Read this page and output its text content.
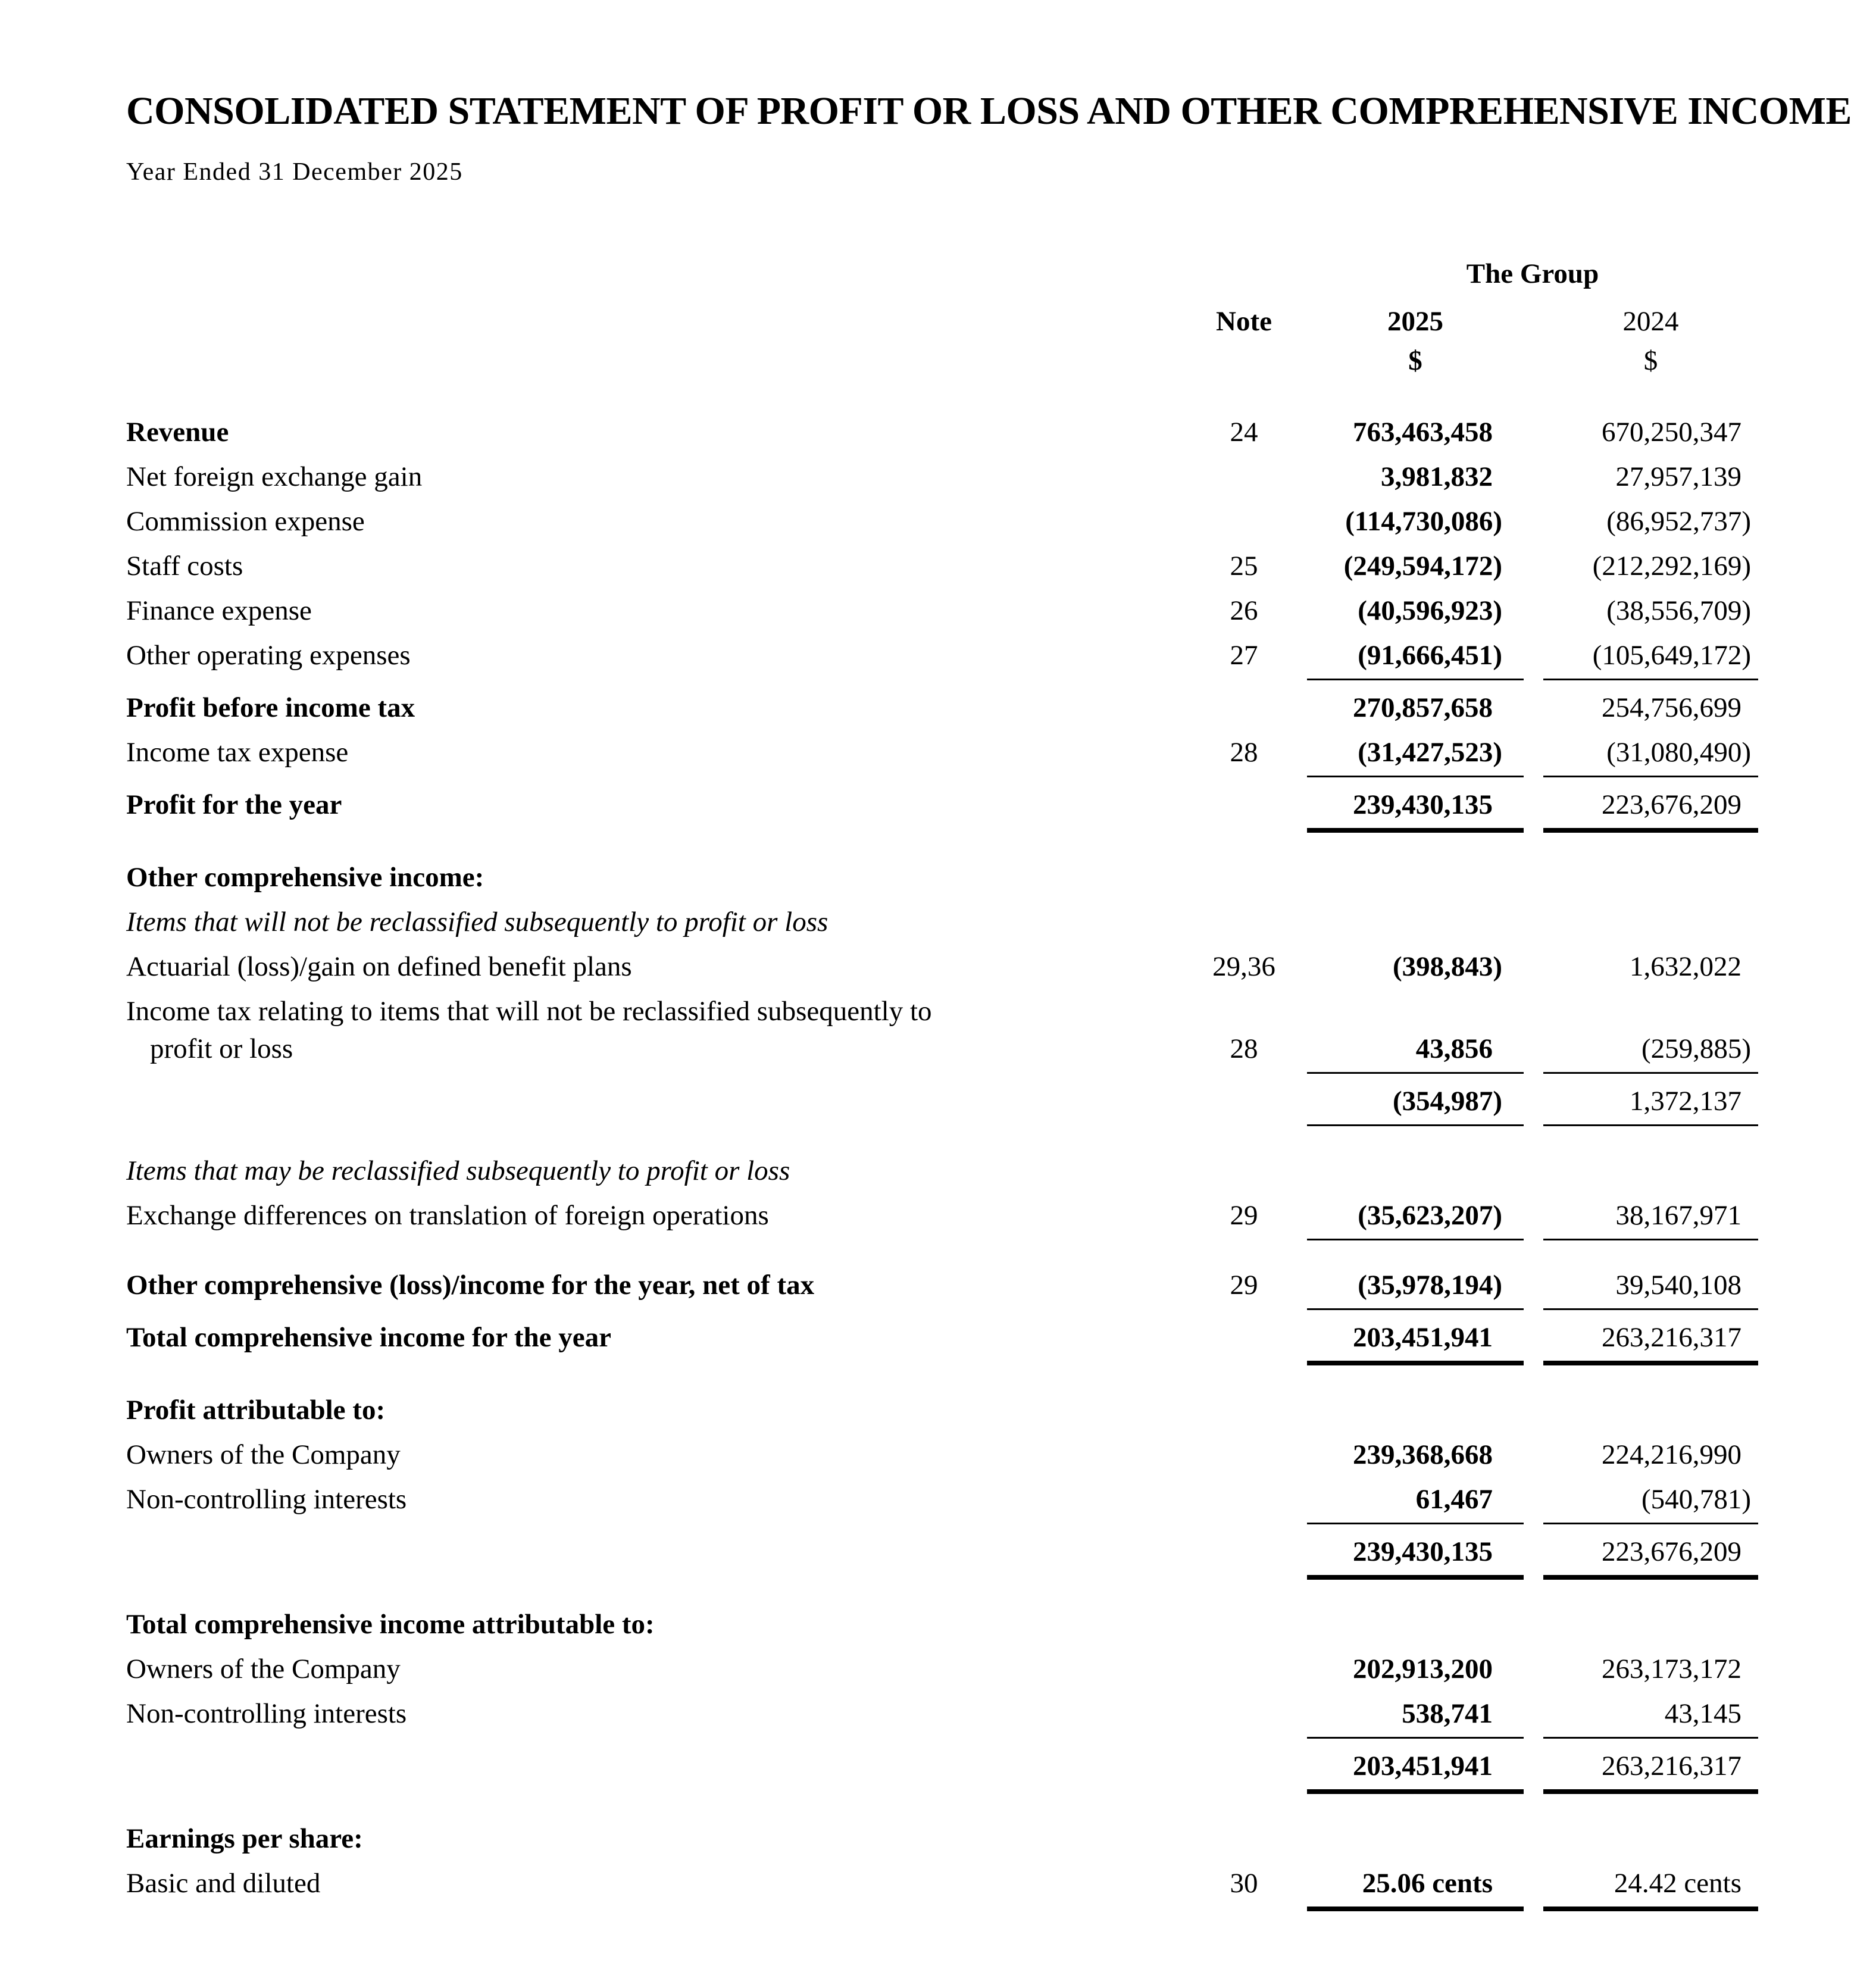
CONSOLIDATED STATEMENT OF PROFIT OR LOSS AND OTHER COMPREHENSIVE INCOME
Year Ended 31 December 2025
The Group
Note	2025	2024
$	$
Revenue	24	763,463,458	670,250,347
Net foreign exchange gain	3,981,832	27,957,139
Commission expense	(114,730,086)	(86,952,737)
Staff costs	25	(249,594,172)	(212,292,169)
Finance expense	26	(40,596,923)	(38,556,709)
Other operating expenses	27	(91,666,451)	(105,649,172)
Profit before income tax	270,857,658	254,756,699
Income tax expense	28	(31,427,523)	(31,080,490)
Profit for the year	239,430,135	223,676,209
Other comprehensive income:
Items that will not be reclassified subsequently to profit or loss
Actuarial (loss)/gain on defined benefit plans	29,36	(398,843)	1,632,022
Income tax relating to items that will not be reclassified subsequently to
profit or loss	28	43,856	(259,885)
(354,987)	1,372,137
Items that may be reclassified subsequently to profit or loss
Exchange differences on translation of foreign operations	29	(35,623,207)	38,167,971
Other comprehensive (loss)/income for the year, net of tax	29	(35,978,194)	39,540,108
Total comprehensive income for the year	203,451,941	263,216,317
Profit attributable to:
Owners of the Company	239,368,668	224,216,990
Non-controlling interests	61,467	(540,781)
239,430,135	223,676,209
Total comprehensive income attributable to:
Owners of the Company	202,913,200	263,173,172
Non-controlling interests	538,741	43,145
203,451,941	263,216,317
Earnings per share:
Basic and diluted	30	25.06 cents	24.42 cents
